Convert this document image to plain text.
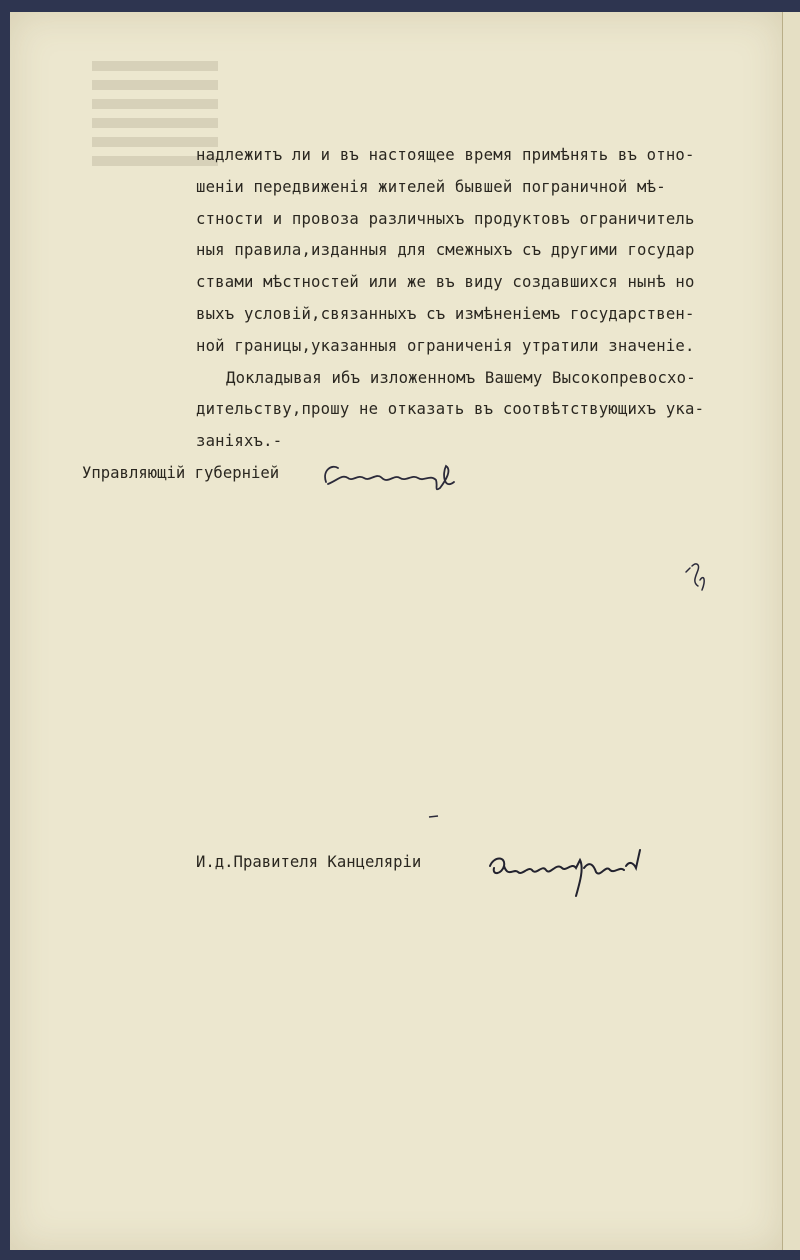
надлежитъ ли и въ настоящее время примѣнять въ отно-
шеніи передвиженія жителей бывшей пограничной мѣ-
стности и провоза различныхъ продуктовъ ограничитель
ныя правила,изданныя для смежныхъ съ другими государ
ствами мѣстностей или же въ виду создавшихся нынѣ но
выхъ условій,связанныхъ съ измѣненіемъ государствен-
ной границы,указанныя ограниченія утратили значеніе.
Докладывая ибъ изложенномъ Вашему Высокопревосхо-
дительству,прошу не отказать въ соотвѣтствующихъ ука-
заніяхъ.-
Управляющій губерніей
И.д.Правителя Канцеляріи
